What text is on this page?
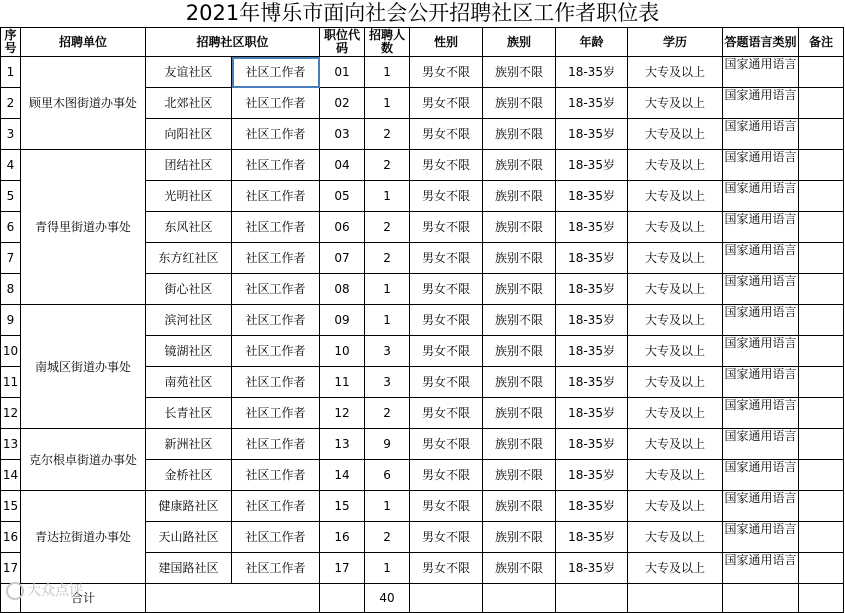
2021年博乐市面向社会公开招聘社区工作者职位表
序号	招聘单位	招聘社区职位		职位代码	招聘人数	性别	族别	年龄	学历	答题语言类别	备注
1	顾里木图街道办事处	友谊社区	社区工作者	01	1	男女不限	族别不限	18-35岁	大专及以上	国家通用语言	
2		北郊社区	社区工作者	02	1	男女不限	族别不限	18-35岁	大专及以上	国家通用语言	
3		向阳社区	社区工作者	03	2	男女不限	族别不限	18-35岁	大专及以上	国家通用语言	
4	青得里街道办事处	团结社区	社区工作者	04	2	男女不限	族别不限	18-35岁	大专及以上	国家通用语言	
5		光明社区	社区工作者	05	1	男女不限	族别不限	18-35岁	大专及以上	国家通用语言	
6		东风社区	社区工作者	06	2	男女不限	族别不限	18-35岁	大专及以上	国家通用语言	
7		东方红社区	社区工作者	07	2	男女不限	族别不限	18-35岁	大专及以上	国家通用语言	
8		街心社区	社区工作者	08	1	男女不限	族别不限	18-35岁	大专及以上	国家通用语言	
9	南城区街道办事处	滨河社区	社区工作者	09	1	男女不限	族别不限	18-35岁	大专及以上	国家通用语言	
10		镜湖社区	社区工作者	10	3	男女不限	族别不限	18-35岁	大专及以上	国家通用语言	
11		南苑社区	社区工作者	11	3	男女不限	族别不限	18-35岁	大专及以上	国家通用语言	
12		长青社区	社区工作者	12	2	男女不限	族别不限	18-35岁	大专及以上	国家通用语言	
13	克尔根卓街道办事处	新洲社区	社区工作者	13	9	男女不限	族别不限	18-35岁	大专及以上	国家通用语言	
14		金桥社区	社区工作者	14	6	男女不限	族别不限	18-35岁	大专及以上	国家通用语言	
15	青达拉街道办事处	健康路社区	社区工作者	15	1	男女不限	族别不限	18-35岁	大专及以上	国家通用语言	
16		天山路社区	社区工作者	16	2	男女不限	族别不限	18-35岁	大专及以上	国家通用语言	
17		建国路社区	社区工作者	17	1	男女不限	族别不限	18-35岁	大专及以上	国家通用语言	
	合计				40						
大众点评
